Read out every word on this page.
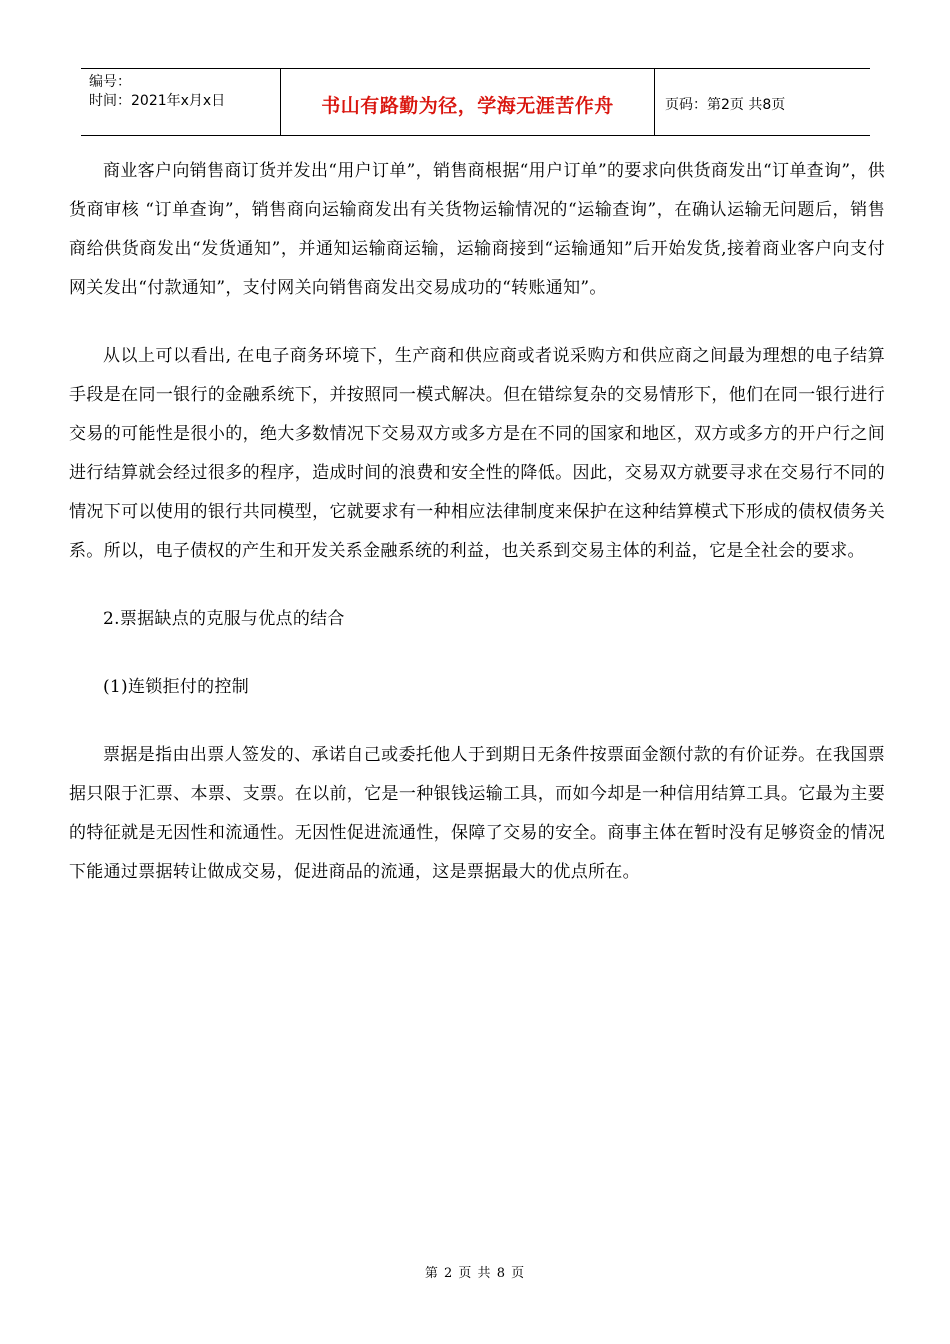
编号：
时间：2021年x月x日	书山有路勤为径，学海无涯苦作舟	页码：第2页 共8页

商业客户向销售商订货并发出“用户订单”，销售商根据“用户订单”的要求向供货商发出“订单查询”，供货商审核 “订单查询”，销售商向运输商发出有关货物运输情况的“运输查询”，在确认运输无问题后，销售商给供货商发出“发货通知”，并通知运输商运输，运输商接到“运输通知”后开始发货,接着商业客户向支付网关发出“付款通知”，支付网关向销售商发出交易成功的“转账通知”。

从以上可以看出, 在电子商务环境下，生产商和供应商或者说采购方和供应商之间最为理想的电子结算手段是在同一银行的金融系统下，并按照同一模式解决。但在错综复杂的交易情形下，他们在同一银行进行交易的可能性是很小的，绝大多数情况下交易双方或多方是在不同的国家和地区，双方或多方的开户行之间进行结算就会经过很多的程序，造成时间的浪费和安全性的降低。因此，交易双方就要寻求在交易行不同的情况下可以使用的银行共同模型，它就要求有一种相应法律制度来保护在这种结算模式下形成的债权债务关系。所以，电子债权的产生和开发关系金融系统的利益，也关系到交易主体的利益，它是全社会的要求。

2.票据缺点的克服与优点的结合

(1)连锁拒付的控制

票据是指由出票人签发的、承诺自己或委托他人于到期日无条件按票面金额付款的有价证券。在我国票据只限于汇票、本票、支票。在以前，它是一种银钱运输工具，而如今却是一种信用结算工具。它最为主要的特征就是无因性和流通性。无因性促进流通性，保障了交易的安全。商事主体在暂时没有足够资金的情况下能通过票据转让做成交易，促进商品的流通，这是票据最大的优点所在。

第 2 页 共 8 页
